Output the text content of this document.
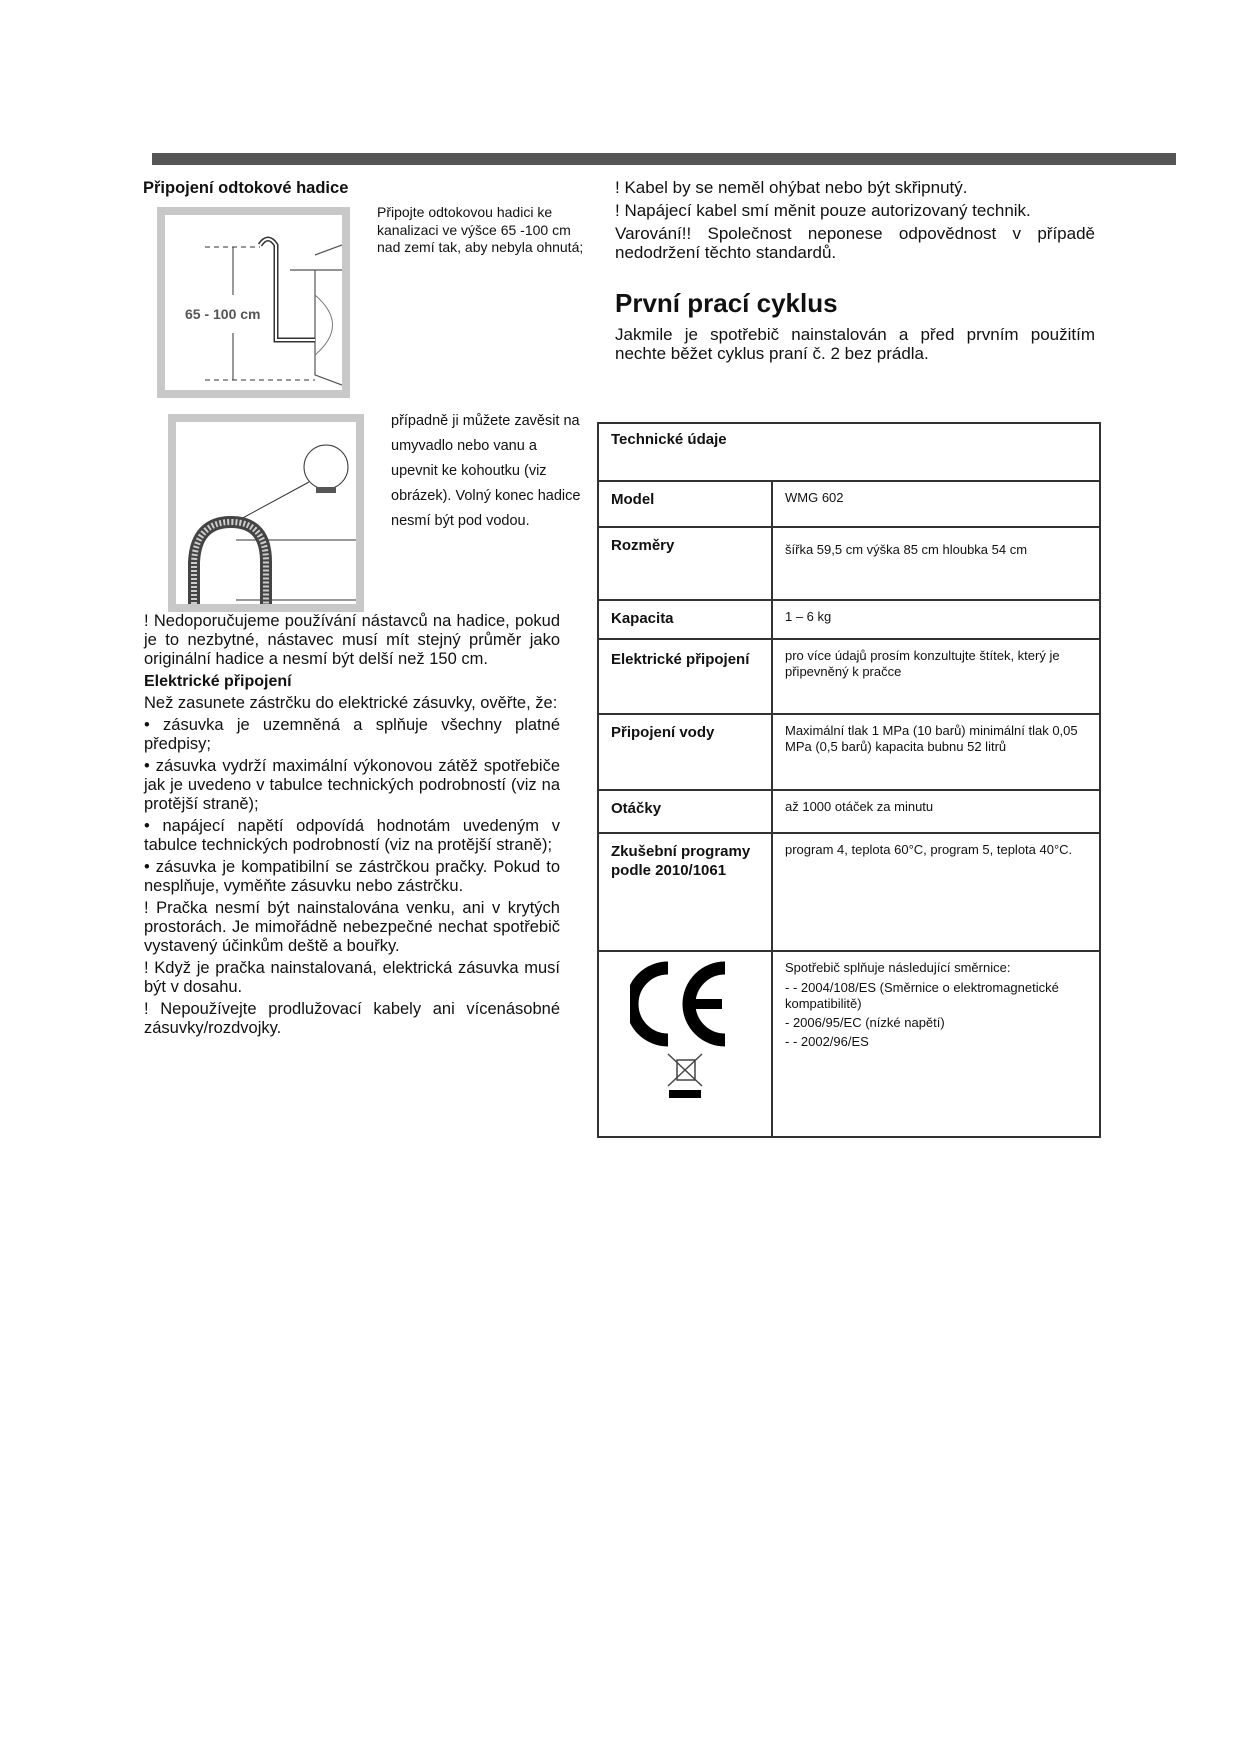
Připojení odtokové hadice
65 - 100 cm
Připojte odtokovou hadici ke kanalizaci ve výšce 65 -100 cm nad zemí tak, aby nebyla ohnutá;
případně ji můžete zavěsit na umyvadlo nebo vanu a upevnit ke kohoutku (viz obrázek). Volný konec hadice nesmí být pod vodou.

! Nedoporučujeme používání nástavců na hadice, pokud je to nezbytné, nástavec musí mít stejný průměr jako originální hadice a nesmí být delší než 150 cm.

Elektrické připojení

Než zasunete zástrčku do elektrické zásuvky, ověřte, že:

• zásuvka je uzemněná a splňuje všechny platné předpisy;

• zásuvka vydrží maximální výkonovou zátěž spotřebiče jak je uvedeno v tabulce technických podrobností (viz na protější straně);

• napájecí napětí odpovídá hodnotám uvedeným v tabulce technických podrobností (viz na protější straně);

• zásuvka je kompatibilní se zástrčkou pračky. Pokud to nesplňuje, vyměňte zásuvku nebo zástrčku.

! Pračka nesmí být nainstalována venku, ani v krytých prostorách. Je mimořádně nebezpečné nechat spotřebič vystavený účinkům deště a bouřky.

! Když je pračka nainstalovaná, elektrická zásuvka musí být v dosahu.

! Nepoužívejte prodlužovací kabely ani vícenásobné zásuvky/rozdvojky.

! Kabel by se neměl ohýbat nebo být skřipnutý.

! Napájecí kabel smí měnit pouze autorizovaný technik.

Varování!! Společnost neponese odpovědnost v případě nedodržení těchto standardů.

První prací cyklus

Jakmile je spotřebič nainstalován a před prvním použitím nechte běžet cyklus praní č. 2 bez prádla.

Technické údaje	
Model	WMG 602
Rozměry	šířka 59,5 cm výška 85 cm hloubka 54 cm
Kapacita	1 – 6 kg
Elektrické připojení	pro více údajů prosím konzultujte štítek, který je připevněný k pračce
Připojení vody	Maximální tlak 1 MPa (10 barů) minimální tlak 0,05 MPa (0,5 barů) kapacita bubnu 52 litrů
Otáčky	až 1000 otáček za minutu
Zkušební programy podle 2010/1061	program 4, teplota 60°C, program 5, teplota 40°C.

Spotřebič splňuje následující směrnice:
- - 2004/108/ES (Směrnice o elektromagnetické kompatibilitě)
- 2006/95/EC (nízké napětí)
- - 2002/96/ES
